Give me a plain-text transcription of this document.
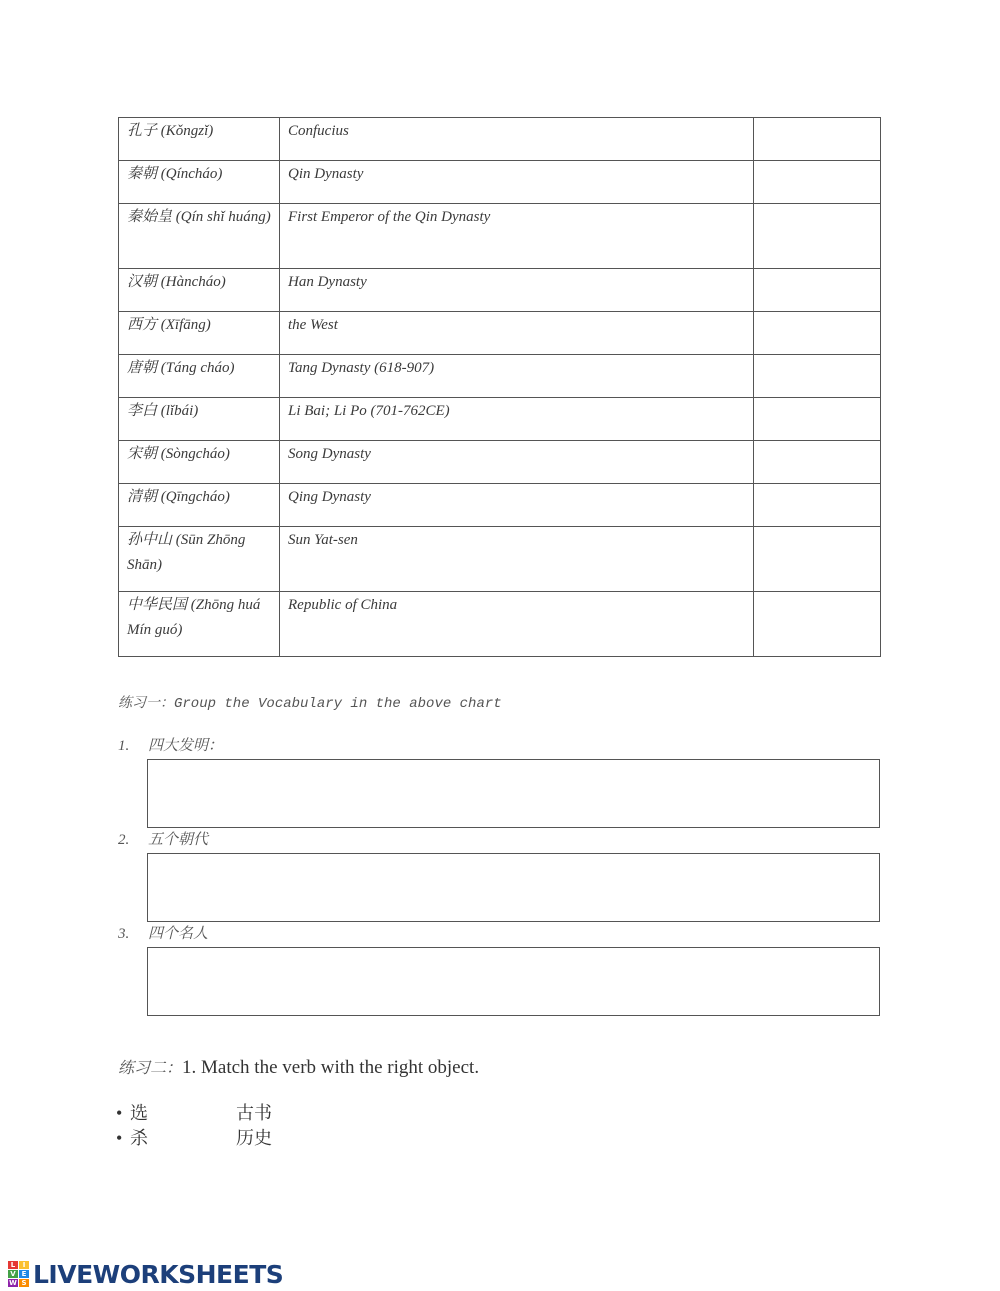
孔子 (Kǒngzǐ)	Confucius	
秦朝 (Qíncháo)	Qin Dynasty	
秦始皇 (Qín shǐ huáng)	First Emperor of the Qin Dynasty	
汉朝 (Hàncháo)	Han Dynasty	
西方 (Xīfāng)	the West	
唐朝 (Táng cháo)	Tang Dynasty (618-907)	
李白 (lǐbái)	Li Bai; Li Po (701-762CE)	
宋朝 (Sòngcháo)	Song Dynasty	
清朝 (Qīngcháo)	Qing Dynasty	
孙中山 (Sūn Zhōng Shān)	Sun Yat-sen	
中华民国 (Zhōng huá Mín guó)	Republic of China	
练习一：Group the Vocabulary in the above chart
1. 四大发明：
2. 五个朝代
3. 四个名人
练习二：1. Match the verb with the right object.
• 选	古书
• 杀	历史
L	I
V E
W S LIVEWORKSHEETS
